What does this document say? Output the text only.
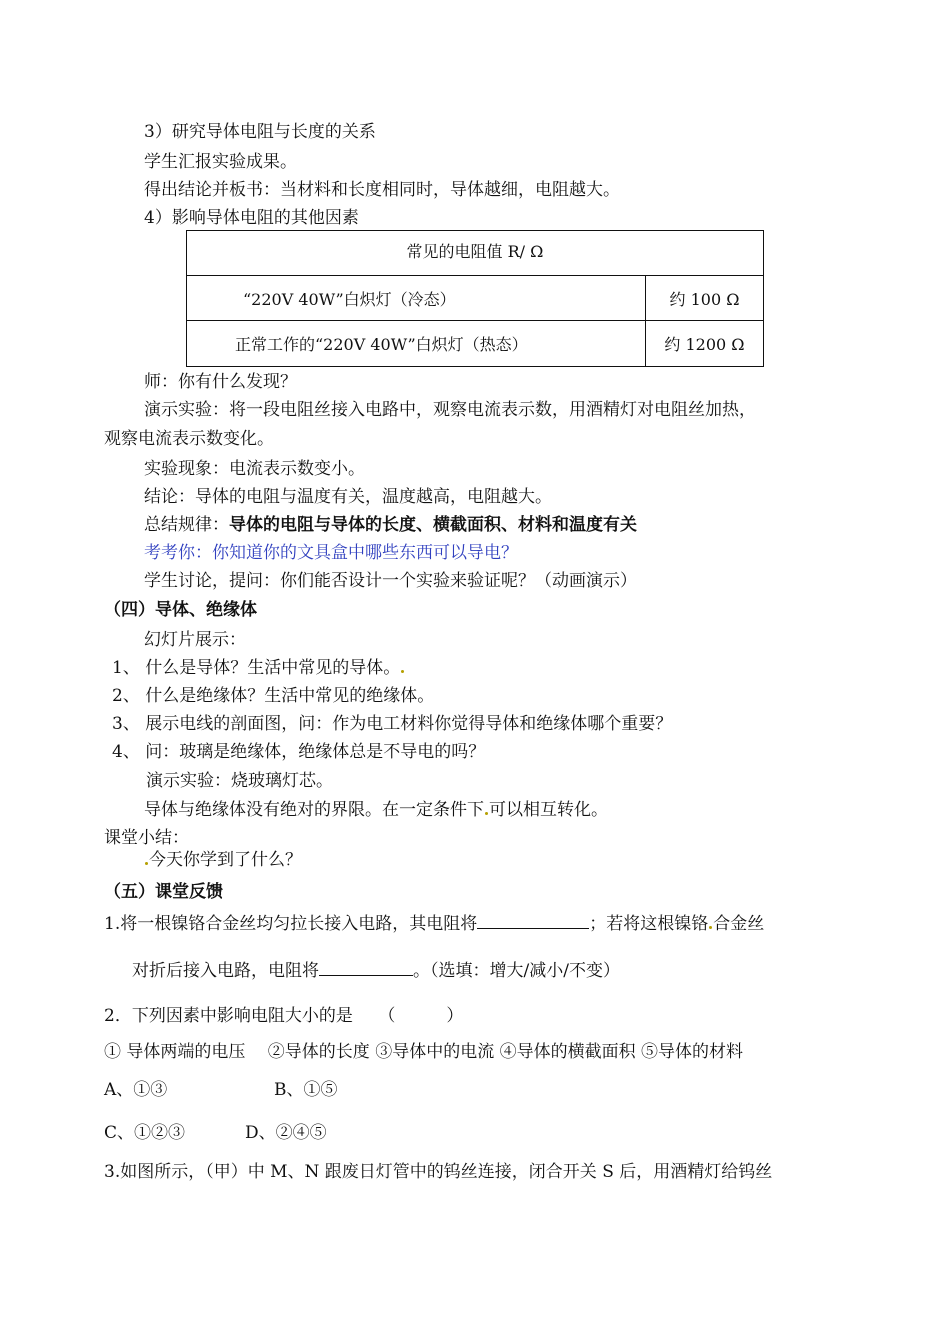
3）研究导体电阻与长度的关系
学生汇报实验成果。
得出结论并板书：当材料和长度相同时，导体越细，电阻越大。
4）影响导体电阻的其他因素
常见的电阻值 R/ Ω	
“220V 40W”白炽灯（冷态）	约 100 Ω
正常工作的“220V 40W”白炽灯（热态）	约 1200 Ω
师：你有什么发现？
演示实验：将一段电阻丝接入电路中，观察电流表示数，用酒精灯对电阻丝加热，
观察电流表示数变化。
实验现象：电流表示数变小。
结论：导体的电阻与温度有关，温度越高，电阻越大。
总结规律：导体的电阻与导体的长度、横截面积、材料和温度有关
考考你：你知道你的文具盒中哪些东西可以导电？
学生讨论，提问：你们能否设计一个实验来验证呢？（动画演示）
（四）导体、绝缘体
幻灯片展示：
1、 什么是导体？生活中常见的导体。
2、 什么是绝缘体？生活中常见的绝缘体。
3、 展示电线的剖面图，问：作为电工材料你觉得导体和绝缘体哪个重要？
4、 问：玻璃是绝缘体，绝缘体总是不导电的吗？
演示实验：烧玻璃灯芯。
导体与绝缘体没有绝对的界限。在一定条件下 可以相互转化。
课堂小结：
今天你学到了什么？
（五）课堂反馈
1.将一根镍铬合金丝均匀拉长接入电路，其电阻将	；若将这根镍铬 合金丝
对折后接入电路，电阻将	。（选填：增大/减小/不变）
2．下列因素中影响电阻大小的是　　（　　　）
① 导体两端的电压　 ②导体的长度 ③导体中的电流 ④导体的横截面积 ⑤导体的材料
A、①③	B、①⑤
C、①②③	D、②④⑤
3.如图所示，（甲）中 M、N 跟废日灯管中的钨丝连接，闭合开关 S 后，用酒精灯给钨丝
